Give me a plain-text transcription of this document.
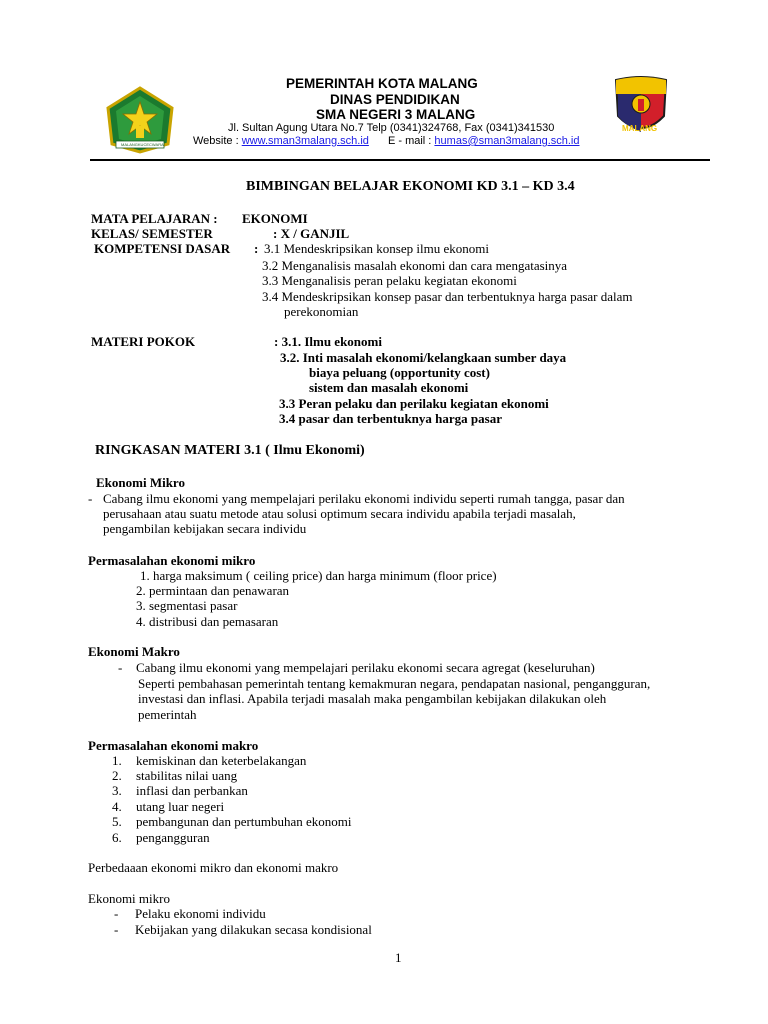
MALANGKUCECWARA
PEMERINTAH KOTA MALANG
DINAS PENDIDIKAN
SMA NEGERI 3 MALANG
Jl. Sultan Agung Utara No.7 Telp (0341)324768, Fax (0341)341530
Website : www.sman3malang.sch.id E - mail : humas@sman3malang.sch.id
MALANG
BIMBINGAN BELAJAR EKONOMI KD 3.1 – KD 3.4
MATA PELAJARAN : EKONOMI
KELAS/ SEMESTER	: X / GANJIL
KOMPETENSI DASAR : 3.1 Mendeskripsikan konsep ilmu ekonomi
3.2 Menganalisis masalah ekonomi dan cara mengatasinya
3.3 Menganalisis peran pelaku kegiatan ekonomi
3.4 Mendeskripsikan konsep pasar dan terbentuknya harga pasar dalam
perekonomian
MATERI POKOK	: 3.1. Ilmu ekonomi
3.2. Inti masalah ekonomi/kelangkaan sumber daya
biaya peluang (opportunity cost)
sistem dan masalah ekonomi
3.3 Peran pelaku dan perilaku kegiatan ekonomi
3.4 pasar dan terbentuknya harga pasar
RINGKASAN MATERI 3.1 ( Ilmu Ekonomi)
Ekonomi Mikro
- Cabang ilmu ekonomi yang mempelajari perilaku ekonomi individu seperti rumah tangga, pasar dan
perusahaan atau suatu metode atau solusi optimum secara individu apabila terjadi masalah,
pengambilan kebijakan secara individu
Permasalahan ekonomi mikro
1. harga maksimum ( ceiling price) dan harga minimum (floor price)
2. permintaan dan penawaran
3. segmentasi pasar
4. distribusi dan pemasaran
Ekonomi Makro
- Cabang ilmu ekonomi yang mempelajari perilaku ekonomi secara agregat (keseluruhan)
Seperti pembahasan pemerintah tentang kemakmuran negara, pendapatan nasional, pengangguran,
investasi dan inflasi. Apabila terjadi masalah maka pengambilan kebijakan dilakukan oleh
pemerintah
Permasalahan ekonomi makro
1. kemiskinan dan keterbelakangan
2. stabilitas nilai uang
3. inflasi dan perbankan
4. utang luar negeri
5. pembangunan dan pertumbuhan ekonomi
6. pengangguran
Perbedaaan ekonomi mikro dan ekonomi makro
Ekonomi mikro
- Pelaku ekonomi individu
- Kebijakan yang dilakukan secasa kondisional
1
